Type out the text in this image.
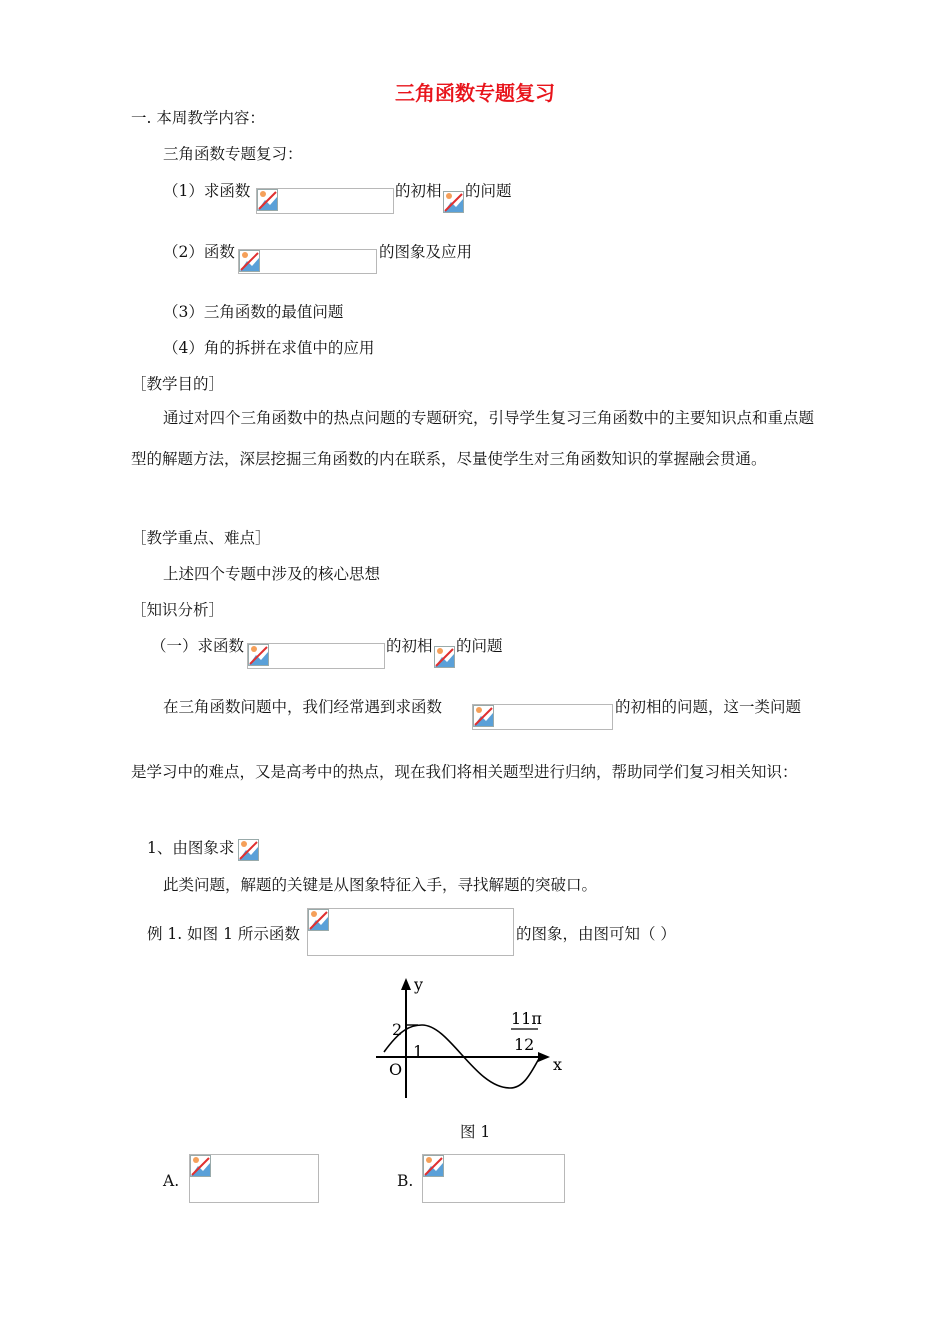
三角函数专题复习
一. 本周教学内容：
三角函数专题复习：
（1）求函数	的初相 的问题
（2）函数	的图象及应用
（3）三角函数的最值问题
（4）角的拆拼在求值中的应用
［教学目的］
通过对四个三角函数中的热点问题的专题研究，引导学生复习三角函数中的主要知识点和重点题型的解题方法，深层挖掘三角函数的内在联系，尽量使学生对三角函数知识的掌握融会贯通。
［教学重点、难点］
上述四个专题中涉及的核心思想
［知识分析］
（一）求函数	的初相 的问题
在三角函数问题中，我们经常遇到求函数	的初相的问题，这一类问题
是学习中的难点，又是高考中的热点，现在我们将相关题型进行归纳，帮助同学们复习相关知识：
1、由图象求
此类问题，解题的关键是从图象特征入手，寻找解题的突破口。
例 1. 如图 1 所示函数	的图象，由图可知（ ）
y
x
O
2
1
11π
12
图 1
A.	B.
